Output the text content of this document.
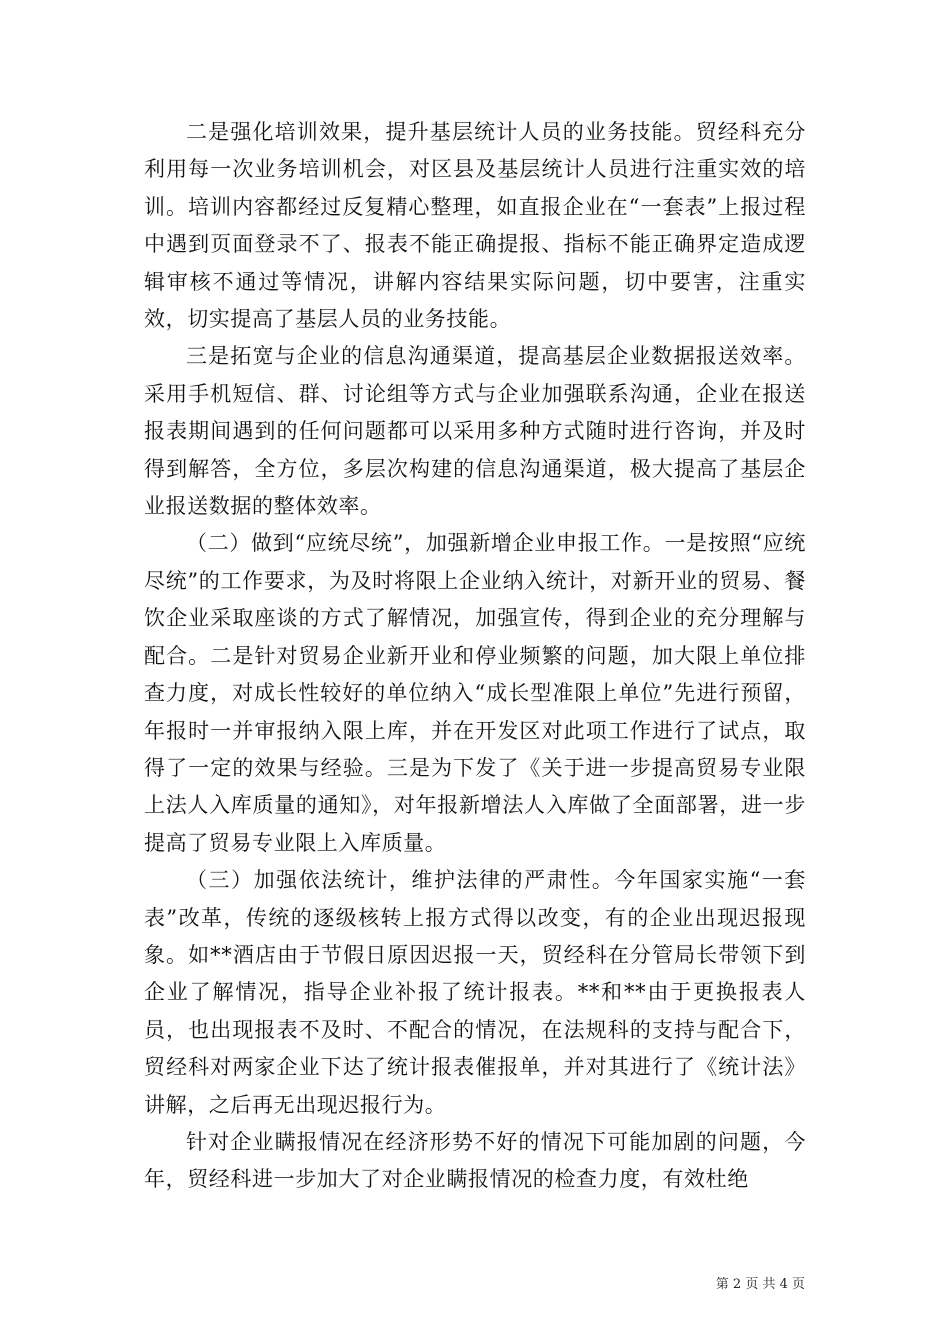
二是强化培训效果，提升基层统计人员的业务技能。贸经科充分利用每一次业务培训机会，对区县及基层统计人员进行注重实效的培训。培训内容都经过反复精心整理，如直报企业在“一套表”上报过程中遇到页面登录不了、报表不能正确提报、指标不能正确界定造成逻辑审核不通过等情况，讲解内容结果实际问题，切中要害，注重实效，切实提高了基层人员的业务技能。

三是拓宽与企业的信息沟通渠道，提高基层企业数据报送效率。采用手机短信、群、讨论组等方式与企业加强联系沟通，企业在报送报表期间遇到的任何问题都可以采用多种方式随时进行咨询，并及时得到解答，全方位，多层次构建的信息沟通渠道，极大提高了基层企业报送数据的整体效率。

（二）做到“应统尽统”，加强新增企业申报工作。一是按照“应统尽统”的工作要求，为及时将限上企业纳入统计，对新开业的贸易、餐饮企业采取座谈的方式了解情况，加强宣传，得到企业的充分理解与配合。二是针对贸易企业新开业和停业频繁的问题，加大限上单位排查力度，对成长性较好的单位纳入“成长型准限上单位”先进行预留，年报时一并审报纳入限上库，并在开发区对此项工作进行了试点，取得了一定的效果与经验。三是为下发了《关于进一步提高贸易专业限上法人入库质量的通知》，对年报新增法人入库做了全面部署，进一步提高了贸易专业限上入库质量。

（三）加强依法统计，维护法律的严肃性。今年国家实施“一套表”改革，传统的逐级核转上报方式得以改变，有的企业出现迟报现象。如**酒店由于节假日原因迟报一天，贸经科在分管局长带领下到企业了解情况，指导企业补报了统计报表。**和**由于更换报表人员，也出现报表不及时、不配合的情况，在法规科的支持与配合下，贸经科对两家企业下达了统计报表催报单，并对其进行了《统计法》讲解，之后再无出现迟报行为。

针对企业瞒报情况在经济形势不好的情况下可能加剧的问题，今年，贸经科进一步加大了对企业瞒报情况的检查力度，有效杜绝

第 2 页 共 4 页
